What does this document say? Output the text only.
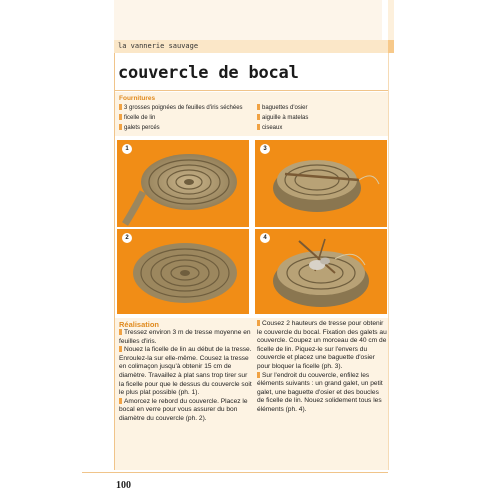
la vannerie sauvage
couvercle de bocal
Fournitures
3 grosses poignées de feuilles d'iris séchées
ficelle de lin
galets percés
baguettes d'osier
aiguille à matelas
ciseaux
1	3
2	4
Réalisation

Tressez environ 3 m de tresse moyenne en feuilles d'iris.

Nouez la ficelle de lin au début de la tresse. Enroulez-la sur elle-même. Cousez la tresse en colimaçon jusqu'à obtenir 15 cm de diamètre. Travaillez à plat sans trop tirer sur la ficelle pour que le dessus du couvercle soit le plus plat possible (ph. 1).

Amorcez le rebord du couvercle. Placez le bocal en verre pour vous assurer du bon diamètre du couvercle (ph. 2).

Cousez 2 hauteurs de tresse pour obtenir le couvercle du bocal. Fixation des galets au couvercle. Coupez un morceau de 40 cm de ficelle de lin. Piquez-le sur l'envers du couvercle et placez une baguette d'osier pour bloquer la ficelle (ph. 3).

Sur l'endroit du couvercle, enfilez les éléments suivants : un grand galet, un petit galet, une baguette d'osier et des boucles de ficelle de lin. Nouez solidement tous les éléments (ph. 4).

100
